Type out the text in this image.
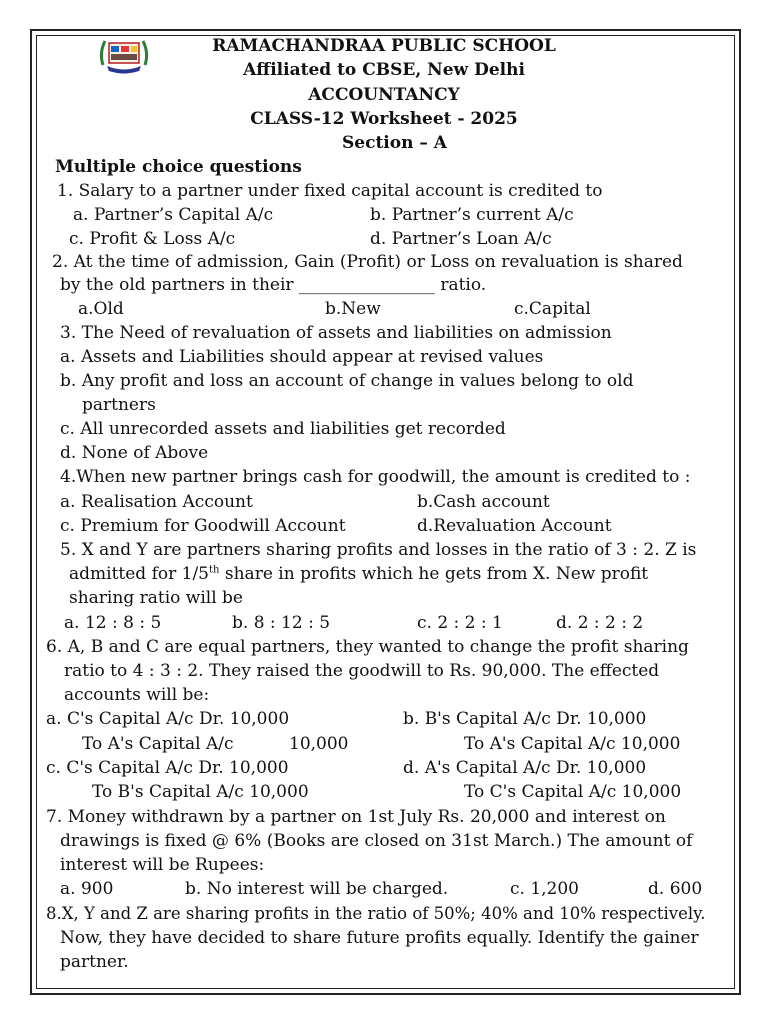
RAMACHANDRAA PUBLIC SCHOOL
Affiliated to CBSE, New Delhi
ACCOUNTANCY
CLASS-12 Worksheet - 2025
Section – A
Multiple choice questions
1. Salary to a partner under fixed capital account is credited to
a. Partner’s Capital A/c	b. Partner’s current A/c
c. Profit & Loss A/c	d. Partner’s Loan A/c
2. At the time of admission, Gain (Profit) or Loss on revaluation is shared
by the old partners in their ________________ ratio.
a.Old	b.New	c.Capital
3. The Need of revaluation of assets and liabilities on admission
a. Assets and Liabilities should appear at revised values
b. Any profit and loss an account of change in values belong to old
partners
c. All unrecorded assets and liabilities get recorded
d. None of Above
4.When new partner brings cash for goodwill, the amount is credited to :
a. Realisation Account	b.Cash account
c. Premium for Goodwill Account	d.Revaluation Account
5. X and Y are partners sharing profits and losses in the ratio of 3 : 2. Z is
admitted for 1/5th share in profits which he gets from X. New profit
sharing ratio will be
a. 12 : 8 : 5	b. 8 : 12 : 5	c. 2 : 2 : 1	d. 2 : 2 : 2
6. A, B and C are equal partners, they wanted to change the profit sharing
ratio to 4 : 3 : 2. They raised the goodwill to Rs. 90,000. The effected
accounts will be:
a. C's Capital A/c Dr. 10,000	b. B's Capital A/c Dr. 10,000
To A's Capital A/c	10,000	To A's Capital A/c 10,000
c. C's Capital A/c Dr. 10,000	d. A's Capital A/c Dr. 10,000
To B's Capital A/c 10,000	To C's Capital A/c 10,000
7. Money withdrawn by a partner on 1st July Rs. 20,000 and interest on
drawings is fixed @ 6% (Books are closed on 31st March.) The amount of
interest will be Rupees:
a. 900	b. No interest will be charged.	c. 1,200	d. 600
8.X, Y and Z are sharing profits in the ratio of 50%; 40% and 10% respectively.
Now, they have decided to share future profits equally. Identify the gainer
partner.
